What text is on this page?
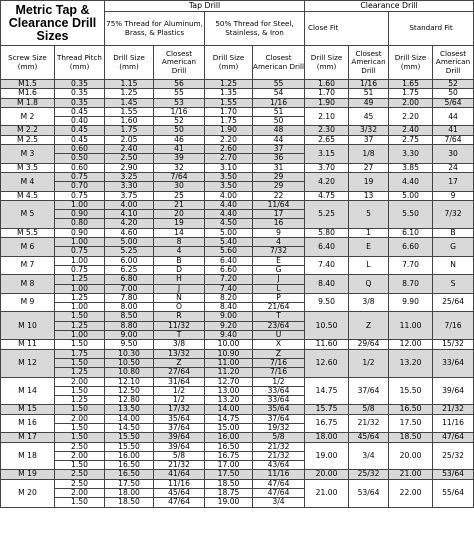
Metric Tap & Clearance Drill Sizes		Tap Drill				Clearance Drill			
		75% Thread for Aluminum, Brass, & Plastics		50% Thread for Steel, Stainless, & Iron		Close Fit		Standard Fit	

Screw Size (mm)	Thread Pitch (mm)	Drill Size (mm)	Closest American Drill	Drill Size (mm)	Closest American Drill	Drill Size (mm)	Closest American Drill	Drill Size (mm)	Closest American Drill
M1.5	0.35	1.15	56	1.25	55	1.60	1/16	1.65	52
M1.6	0.35	1.25	55	1.35	54	1.70	51	1.75	50
M 1.8	0.35	1.45	53	1.55	1/16	1.90	49	2.00	5/64
M 2	0.45	1.55	1/16	1.70	51	2.10	45	2.20	44
	0.40	1.60	52	1.75	50				
M 2.2	0.45	1.75	50	1.90	48	2.30	3/32	2.40	41
M 2.5	0.45	2.05	46	2.20	44	2.65	37	2.75	7/64
M 3	0.60	2.40	41	2.60	37	3.15	1/8	3.30	30
	0.50	2.50	39	2.70	36				
M 3.5	0.60	2.90	32	3.10	31	3.70	27	3.85	24
M 4	0.75	3.25	7/64	3.50	29	4.20	19	4.40	17
	0.70	3.30	30	3.50	29				
M 4.5	0.75	3.75	25	4.00	22	4.75	13	5.00	9
M 5	1.00	4.00	21	4.40	11/64	5.25	5	5.50	7/32
	0.90	4.10	20	4.40	17				
	0.80	4.20	19	4.50	16				
M 5.5	0.90	4.60	14	5.00	9	5.80	1	6.10	B
M 6	1.00	5.00	8	5.40	4	6.40	E	6.60	G
	0.75	5.25	4	5.60	7/32				
M 7	1.00	6.00	B	6.40	E	7.40	L	7.70	N
	0.75	6.25	D	6.60	G				
M 8	1.25	6.80	H	7.20	J	8.40	Q	8.70	S
	1.00	7.00	J	7.40	L				
M 9	1.25	7.80	N	8.20	P	9.50	3/8	9.90	25/64
	1.00	8.00	O	8.40	21/64				
M 10	1.50	8.50	R	9.00	T	10.50	Z	11.00	7/16
	1.25	8.80	11/32	9.20	23/64				
	1.00	9.00	T	9.40	U				
M 11	1.50	9.50	3/8	10.00	X	11.60	29/64	12.00	15/32
M 12	1.75	10.30	13/32	10.90	Z	12.60	1/2	13.20	33/64
	1.50	10.50	Z	11.00	7/16				
	1.25	10.80	27/64	11.20	7/16				
M 14	2.00	12.10	31/64	12.70	1/2	14.75	37/64	15.50	39/64
	1.50	12.50	1/2	13.00	33/64				
	1.25	12.80	1/2	13.20	33/64				
M 15	1.50	13.50	17/32	14.00	35/64	15.75	5/8	16.50	21/32
M 16	2.00	14.00	35/64	14.75	37/64	16.75	21/32	17.50	11/16
	1.50	14.50	37/64	15.00	19/32				
M 17	1.50	15.50	39/64	16.00	5/8	18.00	45/64	18.50	47/64
M 18	2.50	15.50	39/64	16.50	21/32	19.00	3/4	20.00	25/32
	2.00	16.00	5/8	16.75	21/32				
	1.50	16.50	21/32	17.00	43/64				
M 19	2.50	16.50	41/64	17.50	11/16	20.00	25/32	21.00	53/64
M 20	2.50	17.50	11/16	18.50	47/64	21.00	53/64	22.00	55/64
	2.00	18.00	45/64	18.75	47/64				
	1.50	18.50	47/64	19.00	3/4				
